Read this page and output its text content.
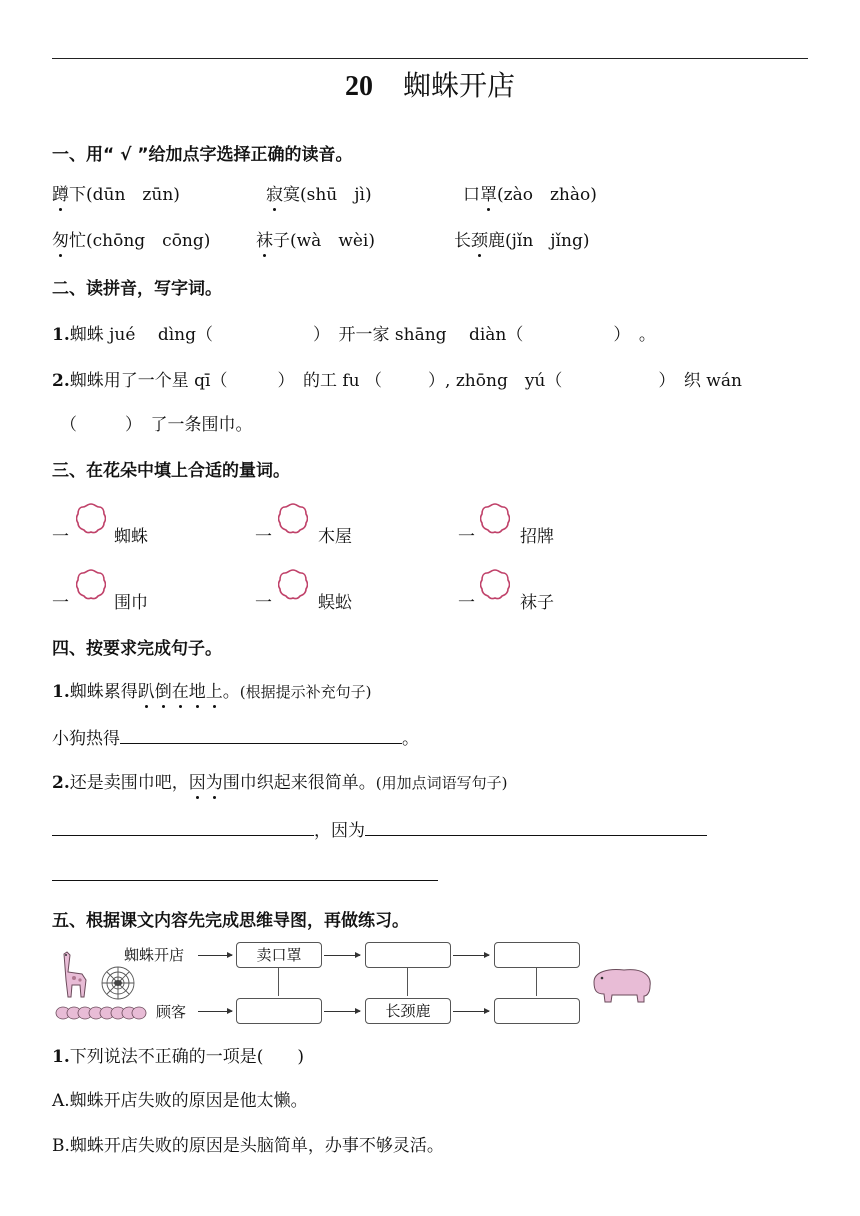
20 蜘蛛开店
一、用“ √ ”给加点字选择正确的读音。
蹲下(dūn　zūn)	寂寞(shū　jì)	口罩(zào　zhào)
匆忙(chōng　cōng)	袜子(wà　wèi)	长颈鹿(jǐn　jǐng)
二、读拼音，写字词。
1.蜘蛛 jué　 dìng（	）　开一家 shāng　 diàn（	）　。
2.蜘蛛用了一个星 qī（	）　的工 fu （	）, zhōng　yú（	）　织 wán
（	）　了一条围巾。
三、在花朵中填上合适的量词。
一	蜘蛛	一	木屋	一	招牌
一	围巾	一	蜈蚣	一	袜子
四、按要求完成句子。
1.蜘蛛累得趴倒在地上。(根据提示补充句子)
小狗热得	。
2.还是卖围巾吧，因为围巾织起来很简单。(用加点词语写句子)
，因为
五、根据课文内容先完成思维导图，再做练习。
蜘蛛开店	卖口罩
顾客	长颈鹿
1.下列说法不正确的一项是(　　)
A.蜘蛛开店失败的原因是他太懒。
B.蜘蛛开店失败的原因是头脑简单，办事不够灵活。
